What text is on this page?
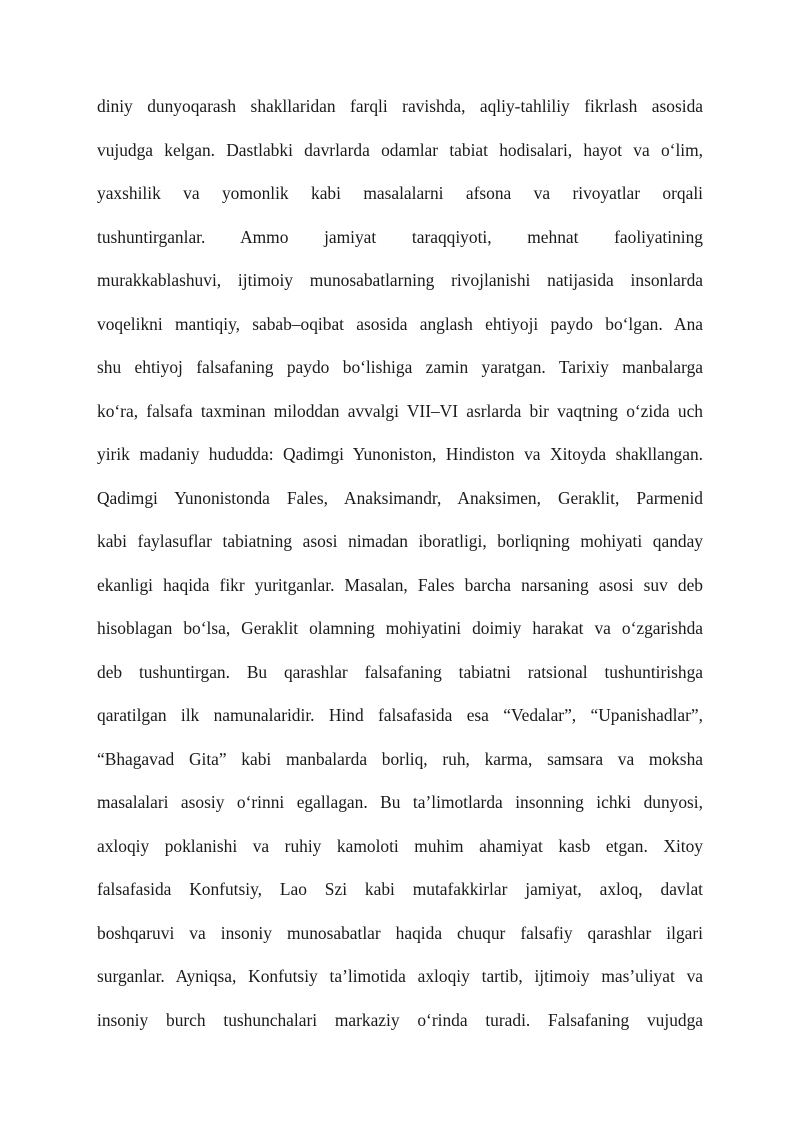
diniy dunyoqarash shakllaridan farqli ravishda, aqliy-tahliliy fikrlash asosida
vujudga kelgan. Dastlabki davrlarda odamlar tabiat hodisalari, hayot va o‘lim,
yaxshilik va yomonlik kabi masalalarni afsona va rivoyatlar orqali
tushuntirganlar. Ammo jamiyat taraqqiyoti, mehnat faoliyatining
murakkablashuvi, ijtimoiy munosabatlarning rivojlanishi natijasida insonlarda
voqelikni mantiqiy, sabab–oqibat asosida anglash ehtiyoji paydo bo‘lgan. Ana
shu ehtiyoj falsafaning paydo bo‘lishiga zamin yaratgan. Tarixiy manbalarga
ko‘ra, falsafa taxminan miloddan avvalgi VII–VI asrlarda bir vaqtning o‘zida uch
yirik madaniy hududda: Qadimgi Yunoniston, Hindiston va Xitoyda shakllangan.
Qadimgi Yunonistonda Fales, Anaksimandr, Anaksimen, Geraklit, Parmenid
kabi faylasuflar tabiatning asosi nimadan iboratligi, borliqning mohiyati qanday
ekanligi haqida fikr yuritganlar. Masalan, Fales barcha narsaning asosi suv deb
hisoblagan bo‘lsa, Geraklit olamning mohiyatini doimiy harakat va o‘zgarishda
deb tushuntirgan. Bu qarashlar falsafaning tabiatni ratsional tushuntirishga
qaratilgan ilk namunalaridir. Hind falsafasida esa “Vedalar”, “Upanishadlar”,
“Bhagavad Gita” kabi manbalarda borliq, ruh, karma, samsara va moksha
masalalari asosiy o‘rinni egallagan. Bu ta’limotlarda insonning ichki dunyosi,
axloqiy poklanishi va ruhiy kamoloti muhim ahamiyat kasb etgan. Xitoy
falsafasida Konfutsiy, Lao Szi kabi mutafakkirlar jamiyat, axloq, davlat
boshqaruvi va insoniy munosabatlar haqida chuqur falsafiy qarashlar ilgari
surganlar. Ayniqsa, Konfutsiy ta’limotida axloqiy tartib, ijtimoiy mas’uliyat va
insoniy burch tushunchalari markaziy o‘rinda turadi. Falsafaning vujudga
